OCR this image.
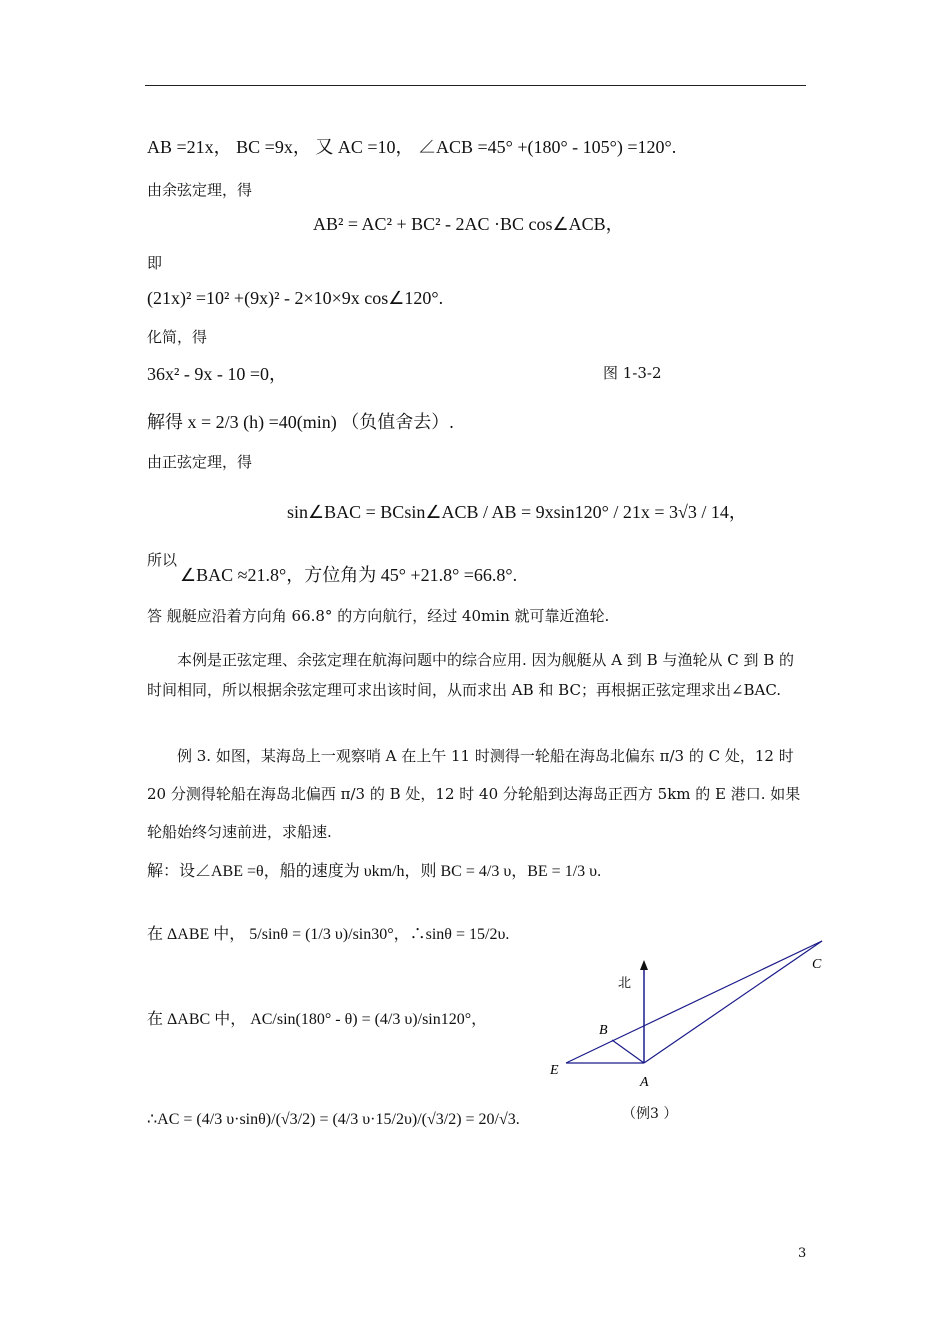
AB =21x， BC =9x， 又 AC =10， ∠ACB =45° +(180° - 105°) =120°.
由余弦定理，得
AB² = AC² + BC² - 2AC ·BC cos∠ACB，
即
(21x)² =10² +(9x)² - 2×10×9x cos∠120°.
化简，得
36x² - 9x - 10 =0，	图 1-3-2
解得 x = 2/3 (h) =40(min) （负值舍去）.
由正弦定理，得
sin∠BAC = BCsin∠ACB / AB = 9xsin120° / 21x = 3√3 / 14，
所以
∠BAC ≈21.8°，方位角为 45° +21.8° =66.8°.
答 舰艇应沿着方向角 66.8° 的方向航行，经过 40min 就可靠近渔轮.
本例是正弦定理、余弦定理在航海问题中的综合应用. 因为舰艇从 A 到 B 与渔轮从 C 到 B 的时间相同，所以根据余弦定理可求出该时间，从而求出 AB 和 BC；再根据正弦定理求出∠BAC.
例 3. 如图，某海岛上一观察哨 A 在上午 11 时测得一轮船在海岛北偏东 π/3 的 C 处，12 时 20 分测得轮船在海岛北偏西 π/3 的 B 处，12 时 40 分轮船到达海岛正西方 5km 的 E 港口. 如果轮船始终匀速前进，求船速.
解：设∠ABE =θ，船的速度为 υkm/h，则 BC = 4/3 υ，BE = 1/3 υ.
在 ΔABE 中， 5/sinθ = (1/3 υ)/sin30°，∴sinθ = 15/2υ.
在 ΔABC 中， AC/sin(180° - θ) = (4/3 υ)/sin120°，
∴AC = (4/3 υ·sinθ)/(√3/2) = (4/3 υ·15/2υ)/(√3/2) = 20/√3.
北
C
B
E
A
（例3 ）
3
